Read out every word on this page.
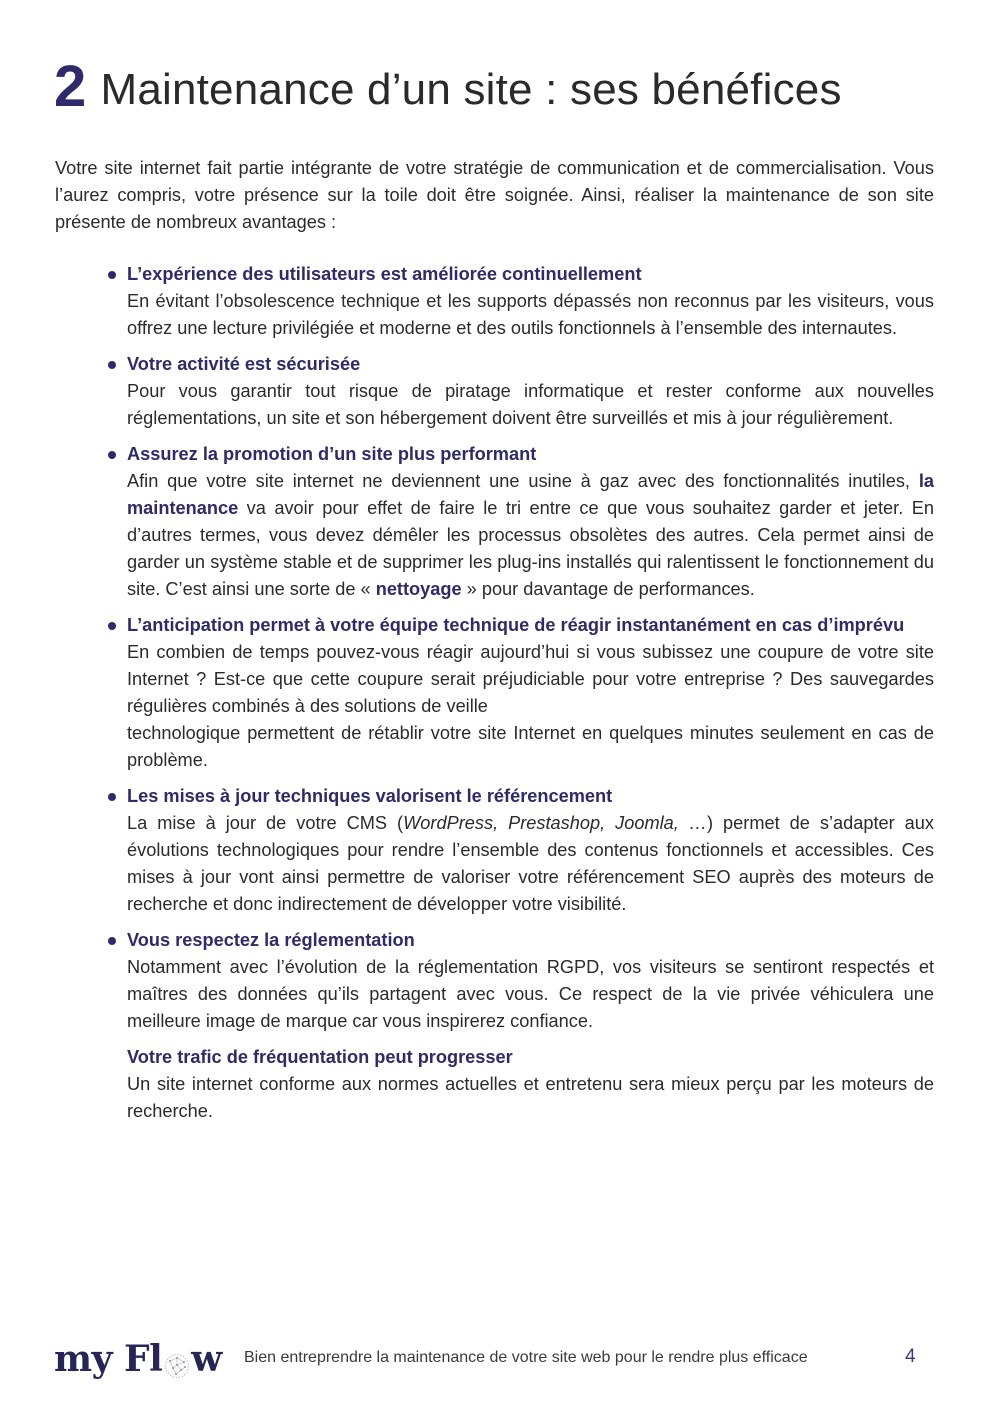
2 Maintenance d’un site : ses bénéfices

Votre site internet fait partie intégrante de votre stratégie de communication et de commercialisation. Vous l’aurez compris, votre présence sur la toile doit être soignée. Ainsi, réaliser la maintenance de son site présente de nombreux avantages :

L’expérience des utilisateurs est améliorée continuellement

En évitant l’obsolescence technique et les supports dépassés non reconnus par les visiteurs, vous offrez une lecture privilégiée et moderne et des outils fonctionnels à l’ensemble des internautes.

Votre activité est sécurisée

Pour vous garantir tout risque de piratage informatique et rester conforme aux nouvelles réglementations, un site et son hébergement doivent être surveillés et mis à jour régulièrement.

Assurez la promotion d’un site plus performant

Afin que votre site internet ne deviennent une usine à gaz avec des fonctionnalités inutiles, la maintenance va avoir pour effet de faire le tri entre ce que vous souhaitez garder et jeter. En d’autres termes, vous devez démêler les processus obsolètes des autres. Cela permet ainsi de garder un système stable et de supprimer les plug-ins installés qui ralentissent le fonctionnement du site. C’est ainsi une sorte de « nettoyage » pour davantage de performances.

L’anticipation permet à votre équipe technique de réagir instantanément en cas d’imprévu

En combien de temps pouvez-vous réagir aujourd’hui si vous subissez une coupure de votre site Internet ? Est-ce que cette coupure serait préjudiciable pour votre entreprise ? Des sauvegardes régulières combinés à des solutions de veille
technologique permettent de rétablir votre site Internet en quelques minutes seulement en cas de problème.

Les mises à jour techniques valorisent le référencement

La mise à jour de votre CMS (WordPress, Prestashop, Joomla, …) permet de s’adapter aux évolutions technologiques pour rendre l’ensemble des contenus fonctionnels et accessibles. Ces mises à jour vont ainsi permettre de valoriser votre référencement SEO auprès des moteurs de recherche et donc indirectement de développer votre visibilité.

Vous respectez la réglementation

Notamment avec l’évolution de la réglementation RGPD, vos visiteurs se sentiront respectés et maîtres des données qu’ils partagent avec vous. Ce respect de la vie privée véhiculera une meilleure image de marque car vous inspirerez confiance.

Votre trafic de fréquentation peut progresser

Un site internet conforme aux normes actuelles et entretenu sera mieux perçu par les moteurs de recherche.

my Fl w Bien entreprendre la maintenance de votre site web pour le rendre plus efficace	4
